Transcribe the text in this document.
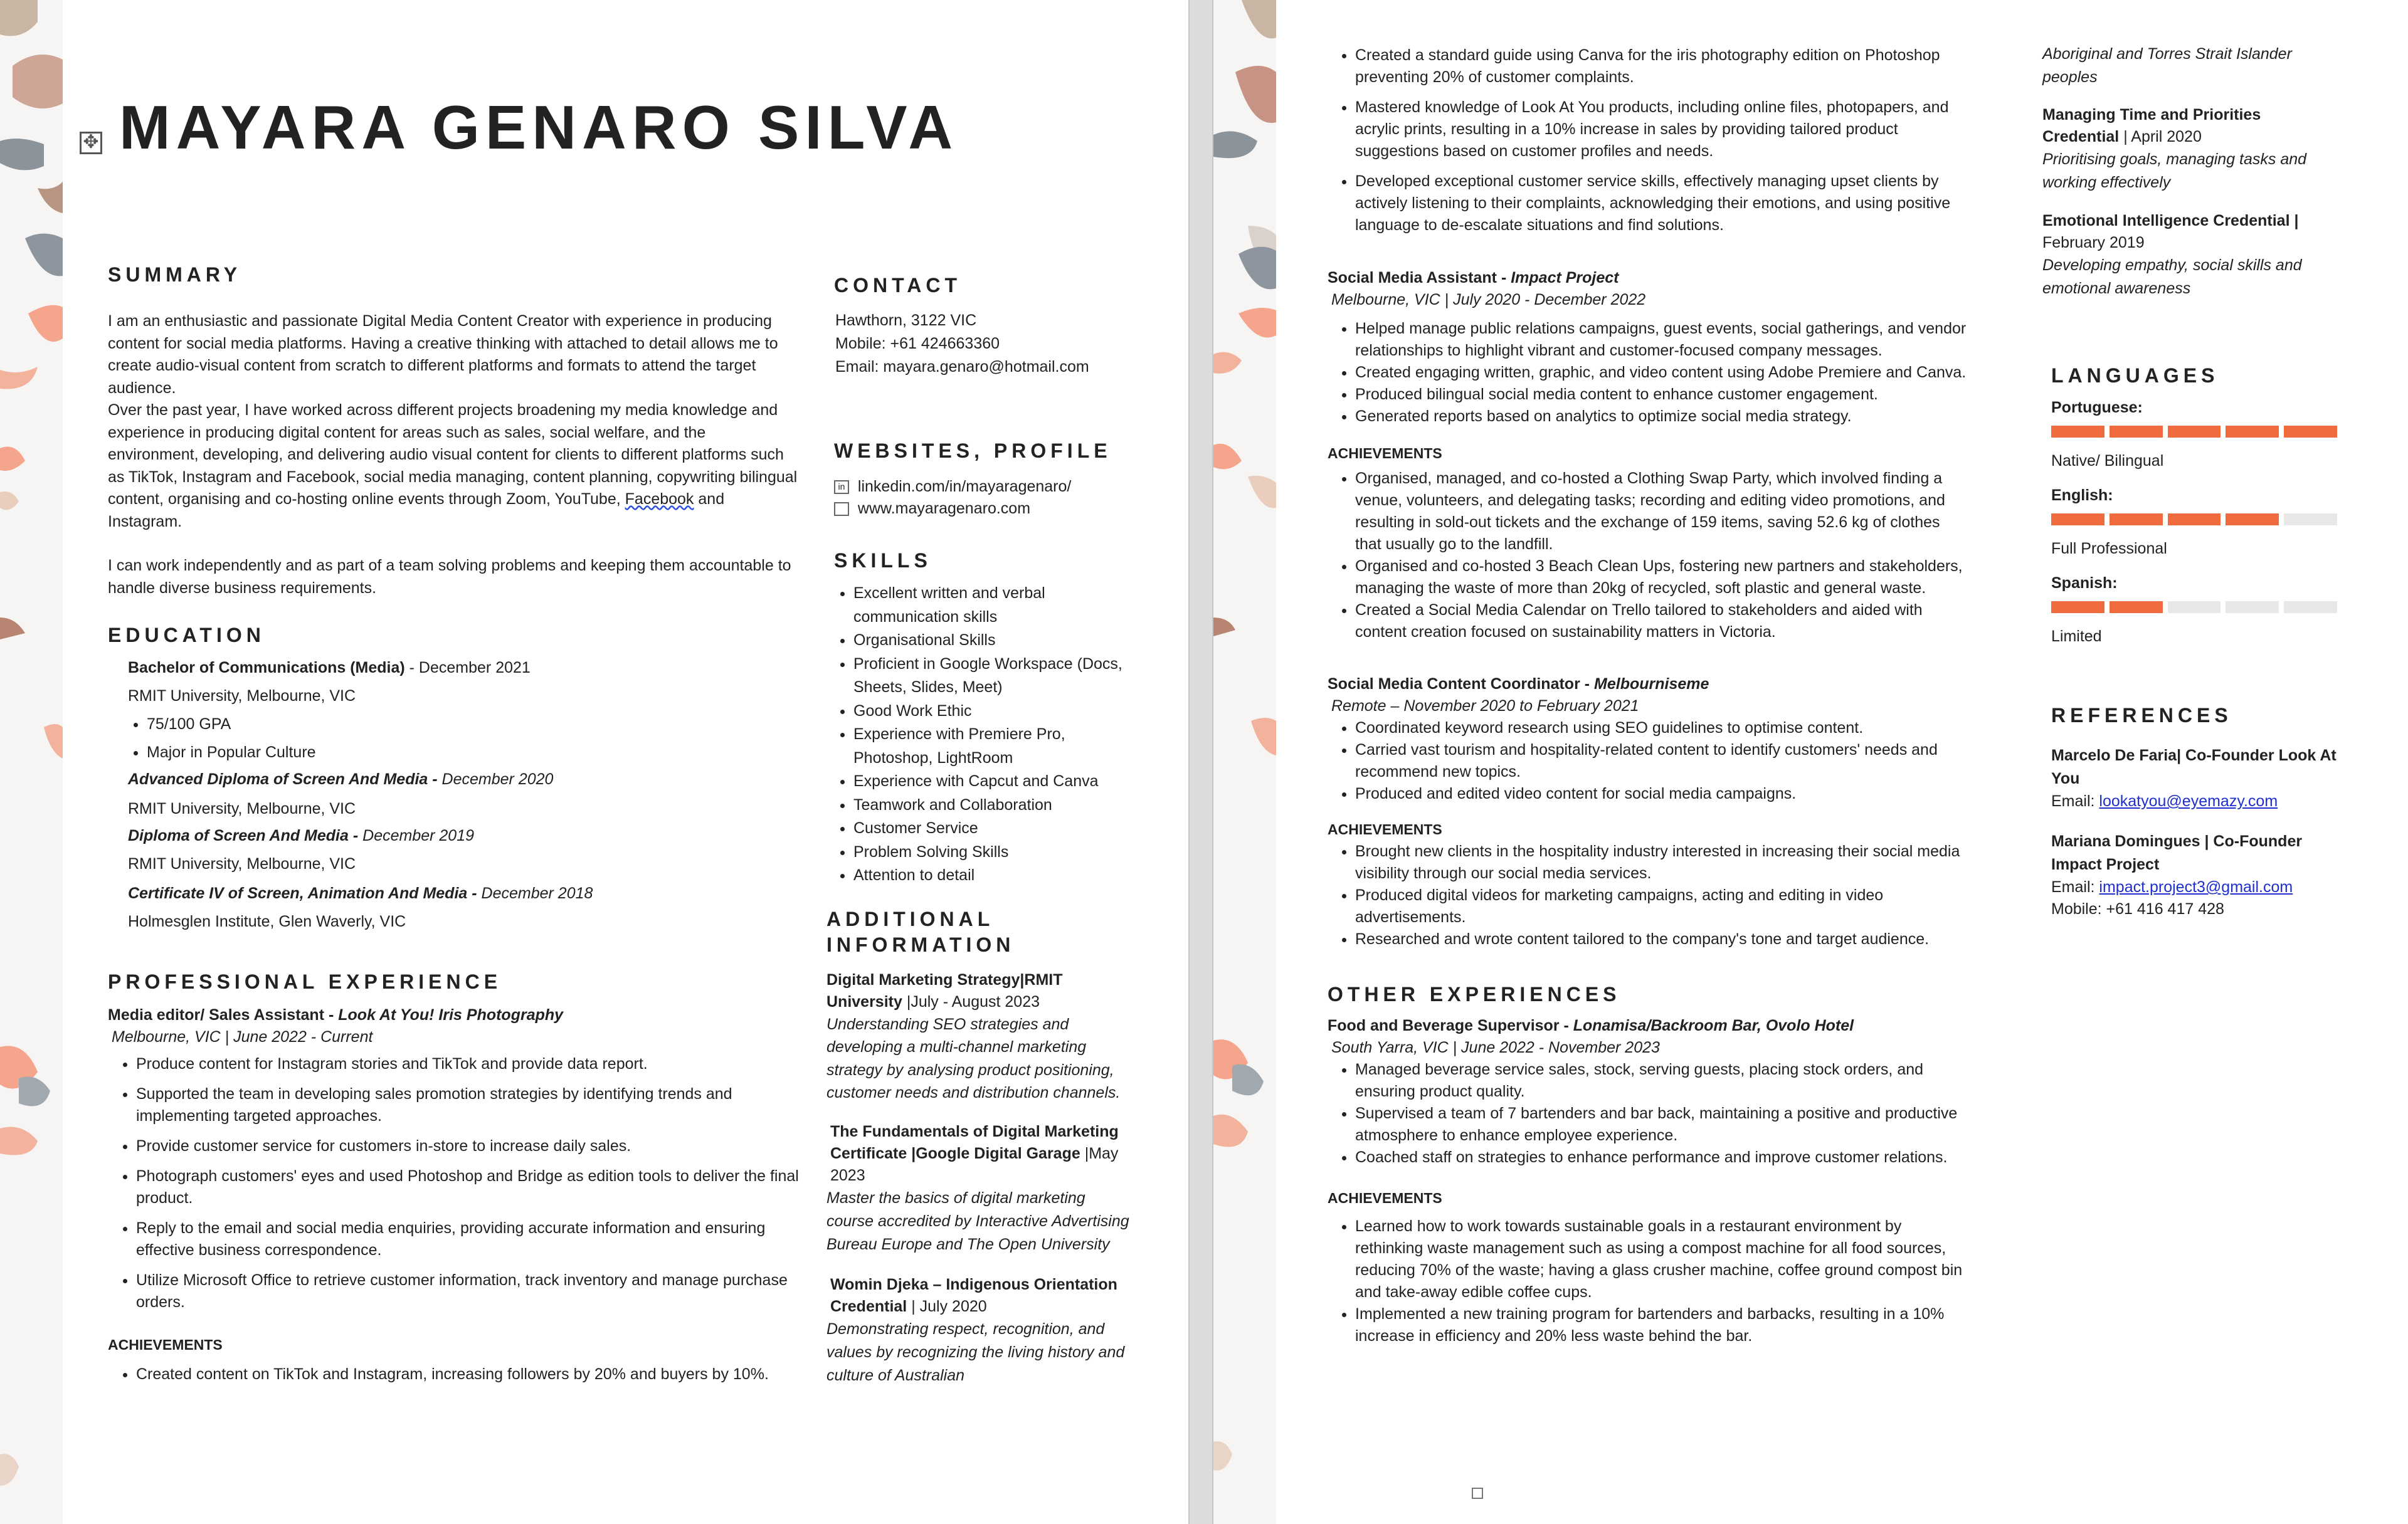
✥ MAYARA GENARO SILVA
SUMMARY

I am an enthusiastic and passionate Digital Media Content Creator with experience in producing content for social media platforms. Having a creative thinking with attached to detail allows me to create audio-visual content from scratch to different platforms and formats to attend the target audience.

Over the past year, I have worked across different projects broadening my media knowledge and experience in producing digital content for areas such as sales, social welfare, and the environment, developing, and delivering audio visual content for clients to different platforms such as TikTok, Instagram and Facebook, social media managing, content planning, copywriting bilingual content, organising and co-hosting online events through Zoom, YouTube, Facebook and Instagram.

I can work independently and as part of a team solving problems and keeping them accountable to handle diverse business requirements.

EDUCATION
Bachelor of Communications (Media) - December 2021
RMIT University, Melbourne, VIC
• 75/100 GPA
• Major in Popular Culture
Advanced Diploma of Screen And Media - December 2020
RMIT University, Melbourne, VIC
Diploma of Screen And Media - December 2019
RMIT University, Melbourne, VIC
Certificate IV of Screen, Animation And Media - December 2018
Holmesglen Institute, Glen Waverly, VIC
PROFESSIONAL EXPERIENCE
Media editor/ Sales Assistant - Look At You! Iris Photography
Melbourne, VIC | June 2022 - Current
• Produce content for Instagram stories and TikTok and provide data report.
• Supported the team in developing sales promotion strategies by identifying trends and implementing targeted approaches.
• Provide customer service for customers in-store to increase daily sales.
• Photograph customers' eyes and used Photoshop and Bridge as edition tools to deliver the final product.
• Reply to the email and social media enquiries, providing accurate information and ensuring effective business correspondence.
• Utilize Microsoft Office to retrieve customer information, track inventory and manage purchase orders.
ACHIEVEMENTS
• Created content on TikTok and Instagram, increasing followers by 20% and buyers by 10%.
CONTACT
Hawthorn, 3122 VIC
Mobile: +61 424663360
Email: mayara.genaro@hotmail.com
WEBSITES, PROFILE
in linkedin.com/in/mayaragenaro/
www.mayaragenaro.com
SKILLS
• Excellent written and verbal communication skills
• Organisational Skills
• Proficient in Google Workspace (Docs, Sheets, Slides, Meet)
• Good Work Ethic
• Experience with Premiere Pro, Photoshop, LightRoom
• Experience with Capcut and Canva
• Teamwork and Collaboration
• Customer Service
• Problem Solving Skills
• Attention to detail
ADDITIONAL
INFORMATION
Digital Marketing Strategy|RMIT University |July - August 2023
Understanding SEO strategies and developing a multi-channel marketing strategy by analysing product positioning, customer needs and distribution channels.
The Fundamentals of Digital Marketing Certificate |Google Digital Garage |May 2023
Master the basics of digital marketing course accredited by Interactive Advertising Bureau Europe and The Open University
Womin Djeka – Indigenous Orientation Credential | July 2020
Demonstrating respect, recognition, and values by recognizing the living history and culture of Australian
• Created a standard guide using Canva for the iris photography edition on Photoshop preventing 20% of customer complaints.
• Mastered knowledge of Look At You products, including online files, photopapers, and acrylic prints, resulting in a 10% increase in sales by providing tailored product suggestions based on customer profiles and needs.
• Developed exceptional customer service skills, effectively managing upset clients by actively listening to their complaints, acknowledging their emotions, and using positive language to de-escalate situations and find solutions.
Social Media Assistant - Impact Project
Melbourne, VIC | July 2020 - December 2022
• Helped manage public relations campaigns, guest events, social gatherings, and vendor relationships to highlight vibrant and customer-focused company messages.
• Created engaging written, graphic, and video content using Adobe Premiere and Canva.
• Produced bilingual social media content to enhance customer engagement.
• Generated reports based on analytics to optimize social media strategy.
ACHIEVEMENTS
• Organised, managed, and co-hosted a Clothing Swap Party, which involved finding a venue, volunteers, and delegating tasks; recording and editing video promotions, and resulting in sold-out tickets and the exchange of 159 items, saving 52.6 kg of clothes that usually go to the landfill.
• Organised and co-hosted 3 Beach Clean Ups, fostering new partners and stakeholders, managing the waste of more than 20kg of recycled, soft plastic and general waste.
• Created a Social Media Calendar on Trello tailored to stakeholders and aided with content creation focused on sustainability matters in Victoria.
Social Media Content Coordinator - Melbourniseme
Remote – November 2020 to February 2021
• Coordinated keyword research using SEO guidelines to optimise content.
• Carried vast tourism and hospitality-related content to identify customers' needs and recommend new topics.
• Produced and edited video content for social media campaigns.
ACHIEVEMENTS
• Brought new clients in the hospitality industry interested in increasing their social media visibility through our social media services.
• Produced digital videos for marketing campaigns, acting and editing in video advertisements.
• Researched and wrote content tailored to the company's tone and target audience.
OTHER EXPERIENCES
Food and Beverage Supervisor - Lonamisa/Backroom Bar, Ovolo Hotel
South Yarra, VIC | June 2022 - November 2023
• Managed beverage service sales, stock, serving guests, placing stock orders, and ensuring product quality.
• Supervised a team of 7 bartenders and bar back, maintaining a positive and productive atmosphere to enhance employee experience.
• Coached staff on strategies to enhance performance and improve customer relations.
ACHIEVEMENTS
• Learned how to work towards sustainable goals in a restaurant environment by rethinking waste management such as using a compost machine for all food sources, reducing 70% of the waste; having a glass crusher machine, coffee ground compost bin and take-away edible coffee cups.
• Implemented a new training program for bartenders and barbacks, resulting in a 10% increase in efficiency and 20% less waste behind the bar.
Aboriginal and Torres Strait Islander peoples
Managing Time and Priorities Credential | April 2020
Prioritising goals, managing tasks and working effectively
Emotional Intelligence Credential | February 2019
Developing empathy, social skills and emotional awareness
LANGUAGES
Portuguese:
Native/ Bilingual
English:
Full Professional
Spanish:
Limited
REFERENCES
Marcelo De Faria| Co-Founder Look At You
Email: lookatyou@eyemazy.com
Mariana Domingues | Co-Founder Impact Project
Email: impact.project3@gmail.com
Mobile: +61 416 417 428
